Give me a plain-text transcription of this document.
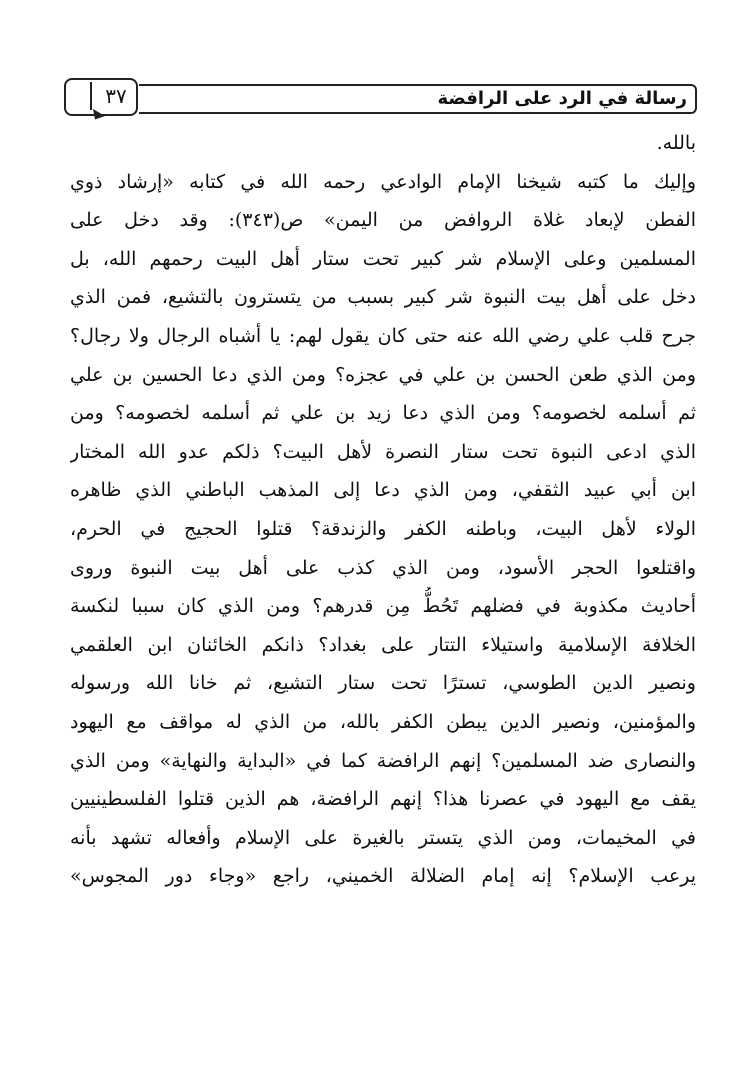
٣٧	رسالة في الرد على الرافضة
بالله.
وإليك ما كتبه شيخنا الإمام الوادعي رحمه الله في كتابه «إرشاد ذوي
الفطن لإبعاد غلاة الروافض من اليمن» ص(٣٤٣): وقد دخل على
المسلمين وعلى الإسلام شر كبير تحت ستار أهل البيت رحمهم الله، بل
دخل على أهل بيت النبوة شر كبير بسبب من يتسترون بالتشيع، فمن الذي
جرح قلب علي رضي الله عنه حتى كان يقول لهم: يا أشباه الرجال ولا رجال؟
ومن الذي طعن الحسن بن علي في عجزه؟ ومن الذي دعا الحسين بن علي
ثم أسلمه لخصومه؟ ومن الذي دعا زيد بن علي ثم أسلمه لخصومه؟ ومن
الذي ادعى النبوة تحت ستار النصرة لأهل البيت؟ ذلكم عدو الله المختار
ابن أبي عبيد الثقفي، ومن الذي دعا إلى المذهب الباطني الذي ظاهره
الولاء لأهل البيت، وباطنه الكفر والزندقة؟ قتلوا الحجيج في الحرم،
واقتلعوا الحجر الأسود، ومن الذي كذب على أهل بيت النبوة وروى
أحاديث مكذوبة في فضلهم تَحُطُّ مِن قدرهم؟ ومن الذي كان سببا لنكسة
الخلافة الإسلامية واستيلاء التتار على بغداد؟ ذانكم الخائنان ابن العلقمي
ونصير الدين الطوسي، تسترًا تحت ستار التشيع، ثم خانا الله ورسوله
والمؤمنين، ونصير الدين يبطن الكفر بالله، من الذي له مواقف مع اليهود
والنصارى ضد المسلمين؟ إنهم الرافضة كما في «البداية والنهاية» ومن الذي
يقف مع اليهود في عصرنا هذا؟ إنهم الرافضة، هم الذين قتلوا الفلسطينيين
في المخيمات، ومن الذي يتستر بالغيرة على الإسلام وأفعاله تشهد بأنه
يرعب الإسلام؟ إنه إمام الضلالة الخميني، راجع «وجاء دور المجوس»
